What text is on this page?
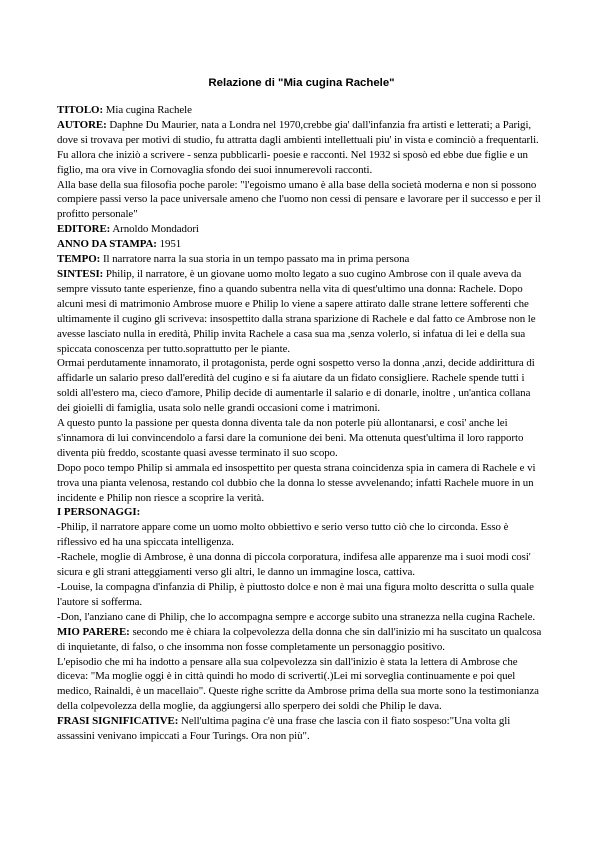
Relazione di "Mia cugina Rachele"

TITOLO: Mia cugina Rachele

AUTORE: Daphne Du Maurier, nata a Londra nel 1970,crebbe gia' dall'infanzia fra artisti e letterati; a Parigi, dove si trovava per motivi di studio, fu attratta dagli ambienti intellettuali piu' in vista e cominciò a frequentarli. Fu allora che iniziò a scrivere - senza pubblicarli- poesie e racconti. Nel 1932 si sposò ed ebbe due figlie e un figlio, ma ora vive in Cornovaglia sfondo dei suoi innumerevoli racconti.

Alla base della sua filosofia poche parole: "l'egoismo umano è alla base della società moderna e non si possono compiere passi verso la pace universale ameno che l'uomo non cessi di pensare e lavorare per il successo e per il profitto personale"

EDITORE: Arnoldo Mondadori

ANNO DA STAMPA: 1951

TEMPO: Il narratore narra la sua storia in un tempo passato ma in prima persona

SINTESI: Philip, il narratore, è un giovane uomo molto legato a suo cugino Ambrose con il quale aveva da sempre vissuto tante esperienze, fino a quando subentra nella vita di quest'ultimo una donna: Rachele. Dopo alcuni mesi di matrimonio Ambrose muore e Philip lo viene a sapere attirato dalle strane lettere sofferenti che ultimamente il cugino gli scriveva: insospettito dalla strana sparizione di Rachele e dal fatto ce Ambrose non le avesse lasciato nulla in eredità, Philip invita Rachele a casa sua ma ,senza volerlo, si infatua di lei e della sua spiccata conoscenza per tutto.soprattutto per le piante.

Ormai perdutamente innamorato, il protagonista, perde ogni sospetto verso la donna ,anzi, decide addirittura di affidarle un salario preso dall'eredità del cugino e si fa aiutare da un fidato consigliere. Rachele spende tutti i soldi all'estero ma, cieco d'amore, Philip decide di aumentarle il salario e di donarle, inoltre , un'antica collana dei gioielli di famiglia, usata solo nelle grandi occasioni come i matrimoni.

A questo punto la passione per questa donna diventa tale da non poterle più allontanarsi, e cosi' anche lei s'innamora di lui convincendolo a farsi dare la comunione dei beni. Ma ottenuta quest'ultima il loro rapporto diventa più freddo, scostante quasi avesse terminato il suo scopo.

Dopo poco tempo Philip si ammala ed insospettito per questa strana coincidenza spia in camera di Rachele e vi trova una pianta velenosa, restando col dubbio che la donna lo stesse avvelenando; infatti Rachele muore in un incidente e Philip non riesce a scoprire la verità.

I PERSONAGGI:

-Philip, il narratore appare come un uomo molto obbiettivo e serio verso tutto ciò che lo circonda. Esso è riflessivo ed ha una spiccata intelligenza.

-Rachele, moglie di Ambrose, è una donna di piccola corporatura, indifesa alle apparenze ma i suoi modi cosi' sicura e gli strani atteggiamenti verso gli altri, le danno un immagine losca, cattiva.

-Louise, la compagna d'infanzia di Philip, è piuttosto dolce e non è mai una figura molto descritta o sulla quale l'autore si sofferma.

-Don, l'anziano cane di Philip, che lo accompagna sempre e accorge subito una stranezza nella cugina Rachele.

MIO PARERE: secondo me è chiara la colpevolezza della donna che sin dall'inizio mi ha suscitato un qualcosa di inquietante, di falso, o che insomma non fosse completamente un personaggio positivo.

L'episodio che mi ha indotto a pensare alla sua colpevolezza sin dall'inizio è stata la lettera di Ambrose che diceva: "Ma moglie oggi è in città quindi ho modo di scriverti(.)Lei mi sorveglia continuamente e poi quel medico, Rainaldi, è un macellaio". Queste righe scritte da Ambrose prima della sua morte sono la testimonianza della colpevolezza della moglie, da aggiungersi allo sperpero dei soldi che Philip le dava.

FRASI SIGNIFICATIVE: Nell'ultima pagina c'è una frase che lascia con il fiato sospeso:"Una volta gli assassini venivano impiccati a Four Turings. Ora non più".
